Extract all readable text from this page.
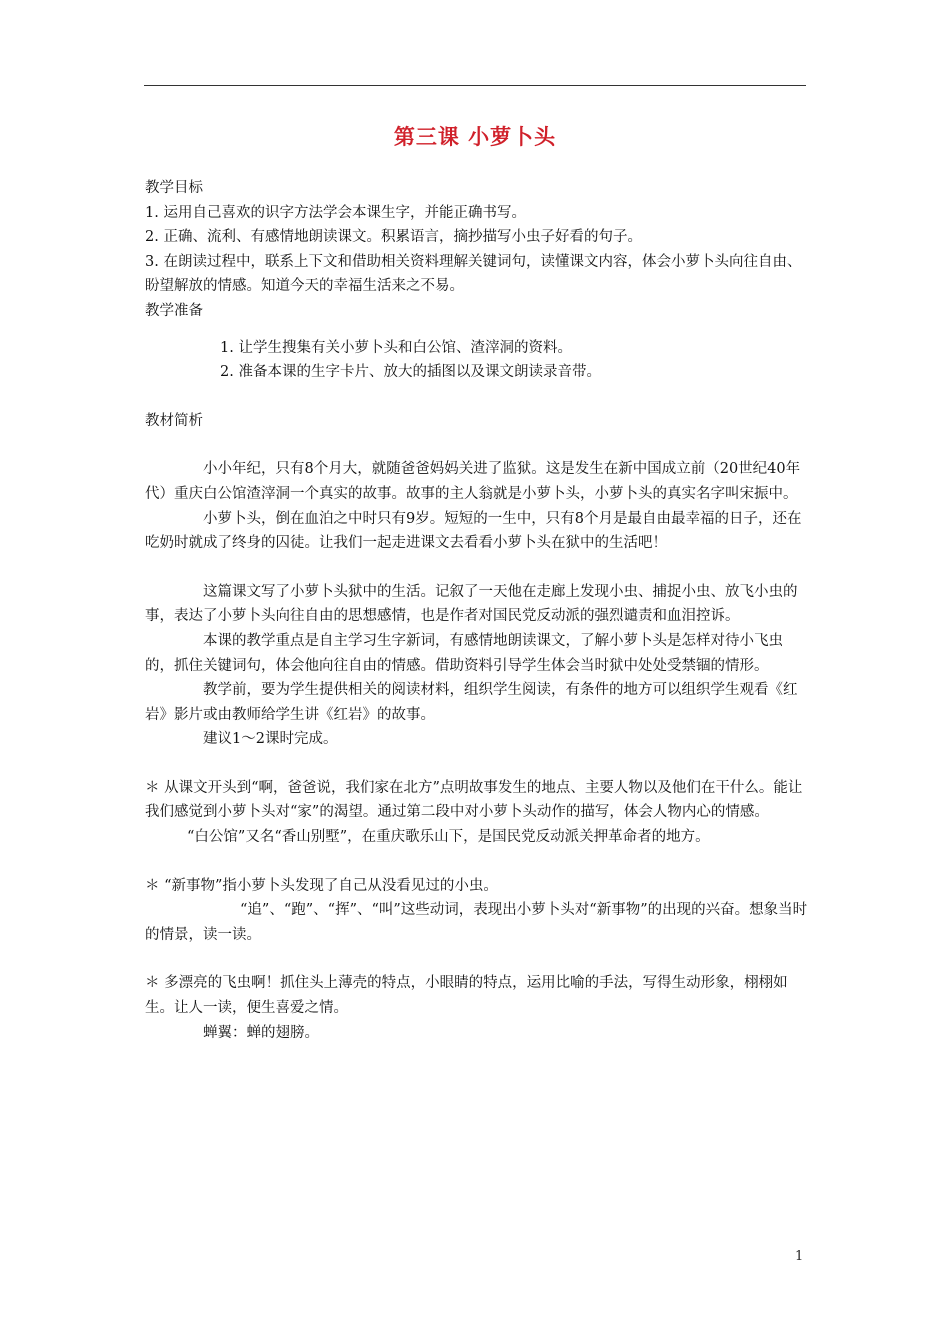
第三课 小萝卜头

教学目标

1. 运用自己喜欢的识字方法学会本课生字，并能正确书写。

2. 正确、流利、有感情地朗读课文。积累语言，摘抄描写小虫子好看的句子。

3. 在朗读过程中，联系上下文和借助相关资料理解关键词句，读懂课文内容，体会小萝卜头向往自由、盼望解放的情感。知道今天的幸福生活来之不易。

教学准备

1. 让学生搜集有关小萝卜头和白公馆、渣滓洞的资料。

2. 准备本课的生字卡片、放大的插图以及课文朗读录音带。

教材简析

小小年纪，只有8个月大，就随爸爸妈妈关进了监狱。这是发生在新中国成立前（20世纪40年代）重庆白公馆渣滓洞一个真实的故事。故事的主人翁就是小萝卜头，小萝卜头的真实名字叫宋振中。

小萝卜头，倒在血泊之中时只有9岁。短短的一生中，只有8个月是最自由最幸福的日子，还在吃奶时就成了终身的囚徒。让我们一起走进课文去看看小萝卜头在狱中的生活吧！

这篇课文写了小萝卜头狱中的生活。记叙了一天他在走廊上发现小虫、捕捉小虫、放飞小虫的事，表达了小萝卜头向往自由的思想感情，也是作者对国民党反动派的强烈谴责和血泪控诉。

本课的教学重点是自主学习生字新词，有感情地朗读课文，了解小萝卜头是怎样对待小飞虫的，抓住关键词句，体会他向往自由的情感。借助资料引导学生体会当时狱中处处受禁锢的情形。

教学前，要为学生提供相关的阅读材料，组织学生阅读，有条件的地方可以组织学生观看《红岩》影片或由教师给学生讲《红岩》的故事。

建议1～2课时完成。

＊ 从课文开头到“啊，爸爸说，我们家在北方”点明故事发生的地点、主要人物以及他们在干什么。能让我们感觉到小萝卜头对“家”的渴望。通过第二段中对小萝卜头动作的描写，体会人物内心的情感。

“白公馆”又名“香山别墅”，在重庆歌乐山下，是国民党反动派关押革命者的地方。

＊ “新事物”指小萝卜头发现了自己从没看见过的小虫。

“追”、“跑”、“挥”、“叫”这些动词，表现出小萝卜头对“新事物”的出现的兴奋。想象当时的情景，读一读。

＊ 多漂亮的飞虫啊！抓住头上薄壳的特点，小眼睛的特点，运用比喻的手法，写得生动形象，栩栩如生。让人一读，便生喜爱之情。

蝉翼：蝉的翅膀。

1
